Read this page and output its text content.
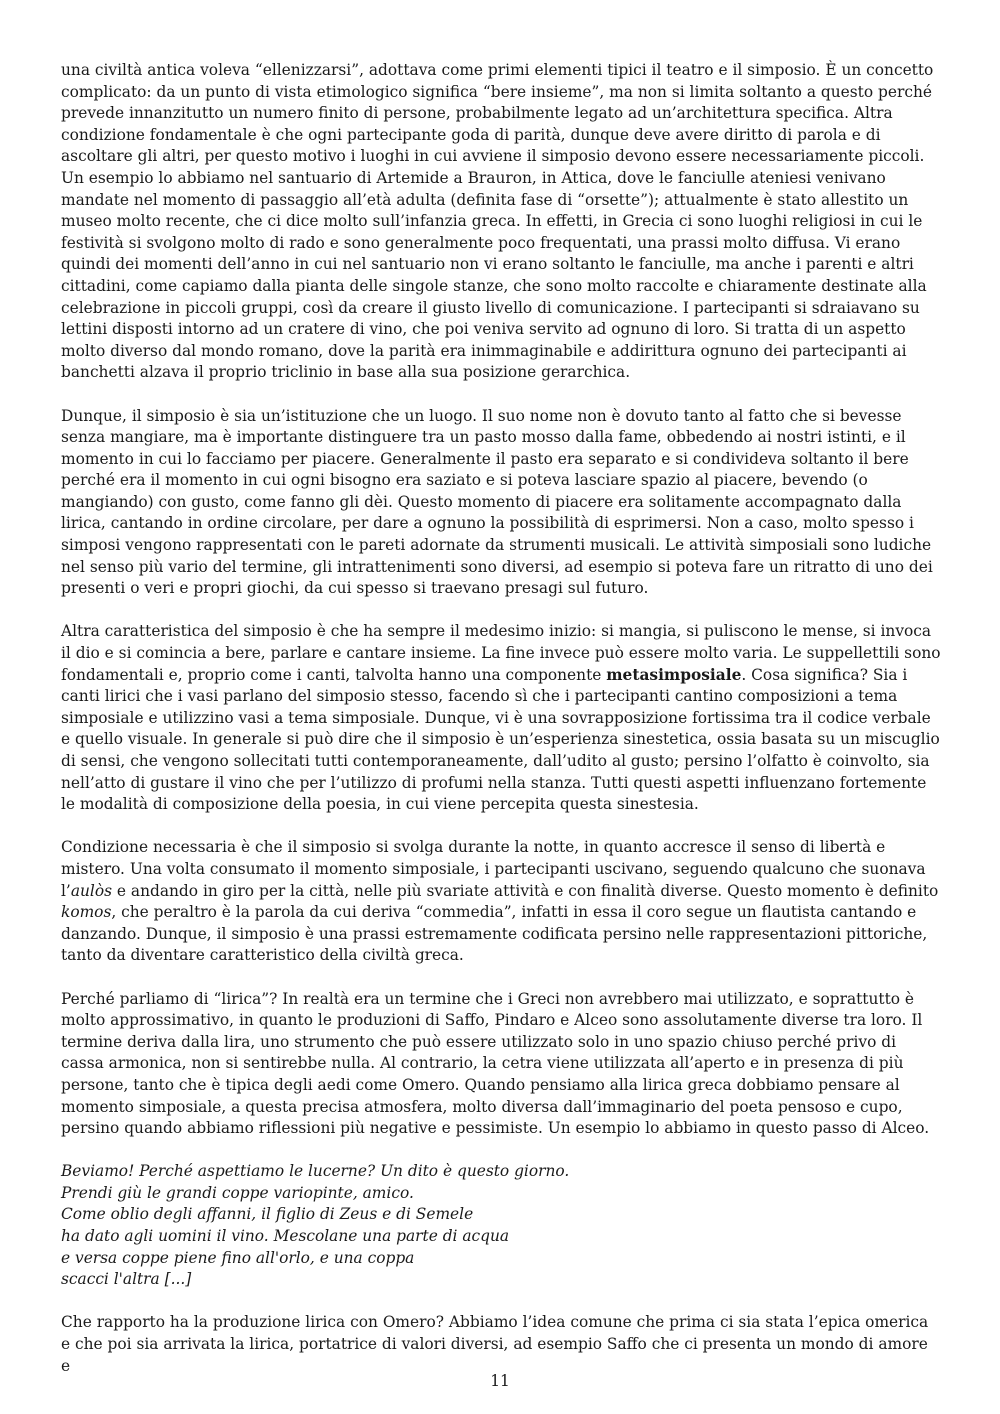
una civiltà antica voleva “ellenizzarsi”, adottava come primi elementi tipici il teatro e il simposio. È un concetto complicato: da un punto di vista etimologico significa “bere insieme”, ma non si limita soltanto a questo perché prevede innanzitutto un numero finito di persone, probabilmente legato ad un’architettura specifica. Altra condizione fondamentale è che ogni partecipante goda di parità, dunque deve avere diritto di parola e di ascoltare gli altri, per questo motivo i luoghi in cui avviene il simposio devono essere necessariamente piccoli. Un esempio lo abbiamo nel santuario di Artemide a Brauron, in Attica, dove le fanciulle ateniesi venivano mandate nel momento di passaggio all’età adulta (definita fase di “orsette”); attualmente è stato allestito un museo molto recente, che ci dice molto sull’infanzia greca. In effetti, in Grecia ci sono luoghi religiosi in cui le festività si svolgono molto di rado e sono generalmente poco frequentati, una prassi molto diffusa. Vi erano quindi dei momenti dell’anno in cui nel santuario non vi erano soltanto le fanciulle, ma anche i parenti e altri cittadini, come capiamo dalla pianta delle singole stanze, che sono molto raccolte e chiaramente destinate alla celebrazione in piccoli gruppi, così da creare il giusto livello di comunicazione. I partecipanti si sdraiavano su lettini disposti intorno ad un cratere di vino, che poi veniva servito ad ognuno di loro. Si tratta di un aspetto molto diverso dal mondo romano, dove la parità era inimmaginabile e addirittura ognuno dei partecipanti ai banchetti alzava il proprio triclinio in base alla sua posizione gerarchica.

Dunque, il simposio è sia un’istituzione che un luogo. Il suo nome non è dovuto tanto al fatto che si bevesse senza mangiare, ma è importante distinguere tra un pasto mosso dalla fame, obbedendo ai nostri istinti, e il momento in cui lo facciamo per piacere. Generalmente il pasto era separato e si condivideva soltanto il bere perché era il momento in cui ogni bisogno era saziato e si poteva lasciare spazio al piacere, bevendo (o mangiando) con gusto, come fanno gli dèi. Questo momento di piacere era solitamente accompagnato dalla lirica, cantando in ordine circolare, per dare a ognuno la possibilità di esprimersi. Non a caso, molto spesso i simposi vengono rappresentati con le pareti adornate da strumenti musicali. Le attività simposiali sono ludiche nel senso più vario del termine, gli intrattenimenti sono diversi, ad esempio si poteva fare un ritratto di uno dei presenti o veri e propri giochi, da cui spesso si traevano presagi sul futuro.

Altra caratteristica del simposio è che ha sempre il medesimo inizio: si mangia, si puliscono le mense, si invoca il dio e si comincia a bere, parlare e cantare insieme. La fine invece può essere molto varia. Le suppellettili sono fondamentali e, proprio come i canti, talvolta hanno una componente metasimposiale. Cosa significa? Sia i canti lirici che i vasi parlano del simposio stesso, facendo sì che i partecipanti cantino composizioni a tema simposiale e utilizzino vasi a tema simposiale. Dunque, vi è una sovrapposizione fortissima tra il codice verbale e quello visuale. In generale si può dire che il simposio è un’esperienza sinestetica, ossia basata su un miscuglio di sensi, che vengono sollecitati tutti contemporaneamente, dall’udito al gusto; persino l’olfatto è coinvolto, sia nell’atto di gustare il vino che per l’utilizzo di profumi nella stanza. Tutti questi aspetti influenzano fortemente le modalità di composizione della poesia, in cui viene percepita questa sinestesia.

Condizione necessaria è che il simposio si svolga durante la notte, in quanto accresce il senso di libertà e mistero. Una volta consumato il momento simposiale, i partecipanti uscivano, seguendo qualcuno che suonava l’aulòs e andando in giro per la città, nelle più svariate attività e con finalità diverse. Questo momento è definito komos, che peraltro è la parola da cui deriva “commedia”, infatti in essa il coro segue un flautista cantando e danzando. Dunque, il simposio è una prassi estremamente codificata persino nelle rappresentazioni pittoriche, tanto da diventare caratteristico della civiltà greca.

Perché parliamo di “lirica”? In realtà era un termine che i Greci non avrebbero mai utilizzato, e soprattutto è molto approssimativo, in quanto le produzioni di Saffo, Pindaro e Alceo sono assolutamente diverse tra loro. Il termine deriva dalla lira, uno strumento che può essere utilizzato solo in uno spazio chiuso perché privo di cassa armonica, non si sentirebbe nulla. Al contrario, la cetra viene utilizzata all’aperto e in presenza di più persone, tanto che è tipica degli aedi come Omero. Quando pensiamo alla lirica greca dobbiamo pensare al momento simposiale, a questa precisa atmosfera, molto diversa dall’immaginario del poeta pensoso e cupo, persino quando abbiamo riflessioni più negative e pessimiste. Un esempio lo abbiamo in questo passo di Alceo.

Beviamo! Perché aspettiamo le lucerne? Un dito è questo giorno.
Prendi giù le grandi coppe variopinte, amico.
Come oblio degli affanni, il figlio di Zeus e di Semele
ha dato agli uomini il vino. Mescolane una parte di acqua
e versa coppe piene fino all'orlo, e una coppa
scacci l'altra [...]

Che rapporto ha la produzione lirica con Omero? Abbiamo l’idea comune che prima ci sia stata l’epica omerica e che poi sia arrivata la lirica, portatrice di valori diversi, ad esempio Saffo che ci presenta un mondo di amore e

11
